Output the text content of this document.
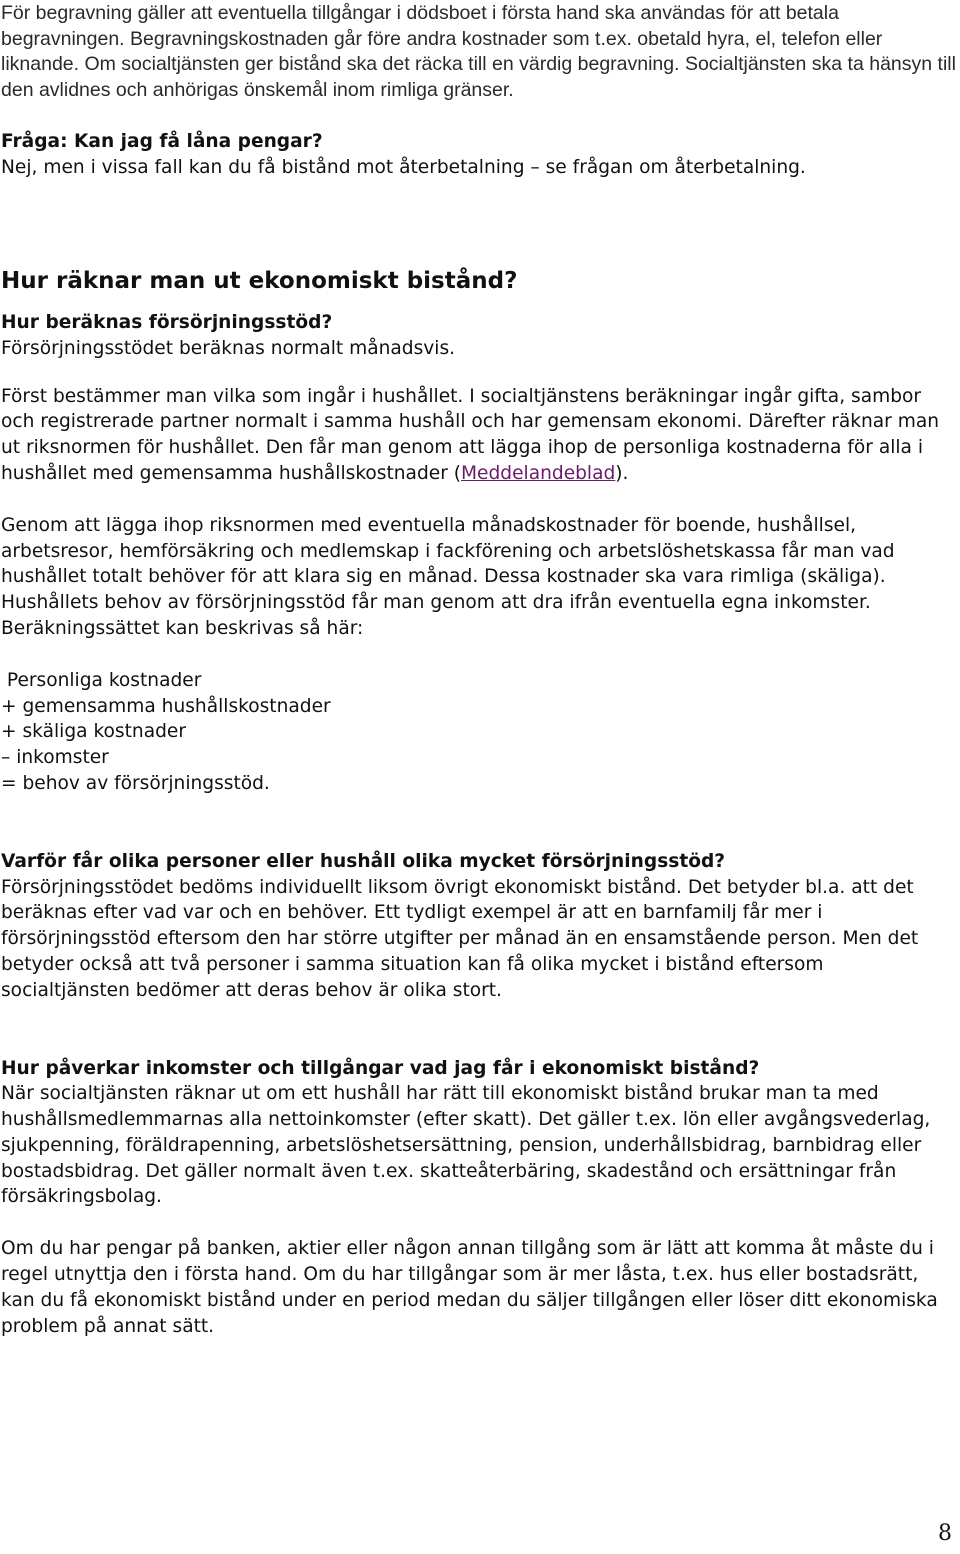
För begravning gäller att eventuella tillgångar i dödsboet i första hand ska användas för att betala begravningen. Begravningskostnaden går före andra kostnader som t.ex. obetald hyra, el, telefon eller liknande. Om socialtjänsten ger bistånd ska det räcka till en värdig begravning. Socialtjänsten ska ta hänsyn till den avlidnes och anhörigas önskemål inom rimliga gränser.

Fråga: Kan jag få låna pengar?

Nej, men i vissa fall kan du få bistånd mot återbetalning – se frågan om återbetalning.

Hur räknar man ut ekonomiskt bistånd?

Hur beräknas försörjningsstöd?

Försörjningsstödet beräknas normalt månadsvis.

Först bestämmer man vilka som ingår i hushållet. I socialtjänstens beräkningar ingår gifta, sambor och registrerade partner normalt i samma hushåll och har gemensam ekonomi. Därefter räknar man ut riksnormen för hushållet. Den får man genom att lägga ihop de personliga kostnaderna för alla i hushållet med gemensamma hushållskostnader (Meddelandeblad).

Genom att lägga ihop riksnormen med eventuella månadskostnader för boende, hushållsel, arbetsresor, hemförsäkring och medlemskap i fackförening och arbetslöshetskassa får man vad hushållet totalt behöver för att klara sig en månad. Dessa kostnader ska vara rimliga (skäliga). Hushållets behov av försörjningsstöd får man genom att dra ifrån eventuella egna inkomster. Beräkningssättet kan beskrivas så här:

Personliga kostnader
+ gemensamma hushållskostnader
+ skäliga kostnader
– inkomster
= behov av försörjningsstöd.

Varför får olika personer eller hushåll olika mycket försörjningsstöd?

Försörjningsstödet bedöms individuellt liksom övrigt ekonomiskt bistånd. Det betyder bl.a. att det beräknas efter vad var och en behöver. Ett tydligt exempel är att en barnfamilj får mer i försörjningsstöd eftersom den har större utgifter per månad än en ensamstående person. Men det betyder också att två personer i samma situation kan få olika mycket i bistånd eftersom socialtjänsten bedömer att deras behov är olika stort.

Hur påverkar inkomster och tillgångar vad jag får i ekonomiskt bistånd?

När socialtjänsten räknar ut om ett hushåll har rätt till ekonomiskt bistånd brukar man ta med hushållsmedlemmarnas alla nettoinkomster (efter skatt). Det gäller t.ex. lön eller avgångsvederlag, sjukpenning, föräldrapenning, arbetslöshetsersättning, pension, underhållsbidrag, barnbidrag eller bostadsbidrag. Det gäller normalt även t.ex. skatteåterbäring, skadestånd och ersättningar från försäkringsbolag.

Om du har pengar på banken, aktier eller någon annan tillgång som är lätt att komma åt måste du i regel utnyttja den i första hand. Om du har tillgångar som är mer låsta, t.ex. hus eller bostadsrätt, kan du få ekonomiskt bistånd under en period medan du säljer tillgången eller löser ditt ekonomiska problem på annat sätt.

8
